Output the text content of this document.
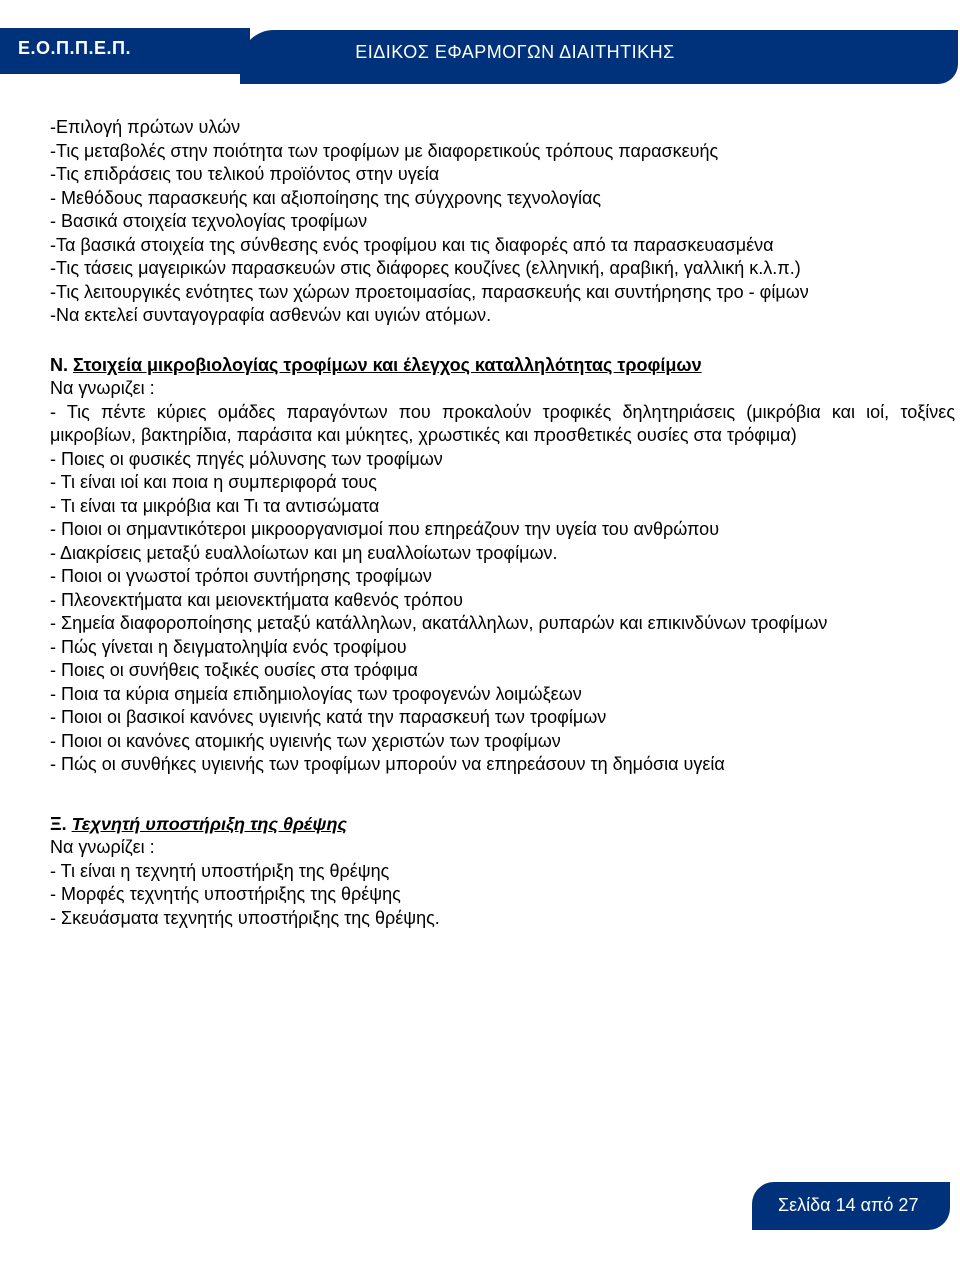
Ε.Ο.Π.Π.Ε.Π.	ΕΙΔΙΚΟΣ ΕΦΑΡΜΟΓΩΝ ΔΙΑΙΤΗΤΙΚΗΣ
-Επιλογή πρώτων υλών
-Τις μεταβολές στην ποιότητα των τροφίμων με διαφορετικούς τρόπους παρασκευής
-Τις επιδράσεις του τελικού προϊόντος στην υγεία
- Μεθόδους παρασκευής και αξιοποίησης της σύγχρονης τεχνολογίας
- Βασικά στοιχεία τεχνολογίας τροφίμων
-Τα βασικά στοιχεία της σύνθεσης ενός τροφίμου και τις διαφορές από τα παρασκευασμένα
-Τις τάσεις μαγειρικών παρασκευών στις διάφορες κουζίνες (ελληνική, αραβική, γαλλική κ.λ.π.)
-Τις λειτουργικές ενότητες των χώρων προετοιμασίας, παρασκευής και συντήρησης τρο - φίμων
-Να εκτελεί συνταγογραφία ασθενών και υγιών ατόμων.
Ν. Στοιχεία μικροβιολογίας τροφίμων και έλεγχος καταλληλότητας τροφίμων
Να γνωριζει :
- Τις πέντε κύριες ομάδες παραγόντων που προκαλούν τροφικές δηλητηριάσεις (μικρόβια και ιοί, τοξίνες μικροβίων, βακτηρίδια, παράσιτα και μύκητες, χρωστικές και προσθετικές ουσίες στα τρόφιμα)
- Ποιες οι φυσικές πηγές μόλυνσης των τροφίμων
- Τι είναι ιοί και ποια η συμπεριφορά τους
- Τι είναι τα μικρόβια και Τι τα αντισώματα
- Ποιοι οι σημαντικότεροι μικροοργανισμοί που επηρεάζουν την υγεία του ανθρώπου
- Διακρίσεις μεταξύ ευαλλοίωτων και μη ευαλλοίωτων τροφίμων.
- Ποιοι οι γνωστοί τρόποι συντήρησης τροφίμων
- Πλεονεκτήματα και μειονεκτήματα καθενός τρόπου
- Σημεία διαφοροποίησης μεταξύ κατάλληλων, ακατάλληλων, ρυπαρών και επικινδύνων τροφίμων
- Πώς γίνεται η δειγματοληψία ενός τροφίμου
- Ποιες οι συνήθεις τοξικές ουσίες στα τρόφιμα
- Ποια τα κύρια σημεία επιδημιολογίας των τροφογενών λοιμώξεων
- Ποιοι οι βασικοί κανόνες υγιεινής κατά την παρασκευή των τροφίμων
- Ποιοι οι κανόνες ατομικής υγιεινής των χεριστών των τροφίμων
- Πώς οι συνθήκες υγιεινής των τροφίμων μπορούν να επηρεάσουν τη δημόσια υγεία
Ξ. Τεχνητή υποστήριξη της θρέψης
Να γνωρίζει :
- Τι είναι η τεχνητή υποστήριξη της θρέψης
- Μορφές τεχνητής υποστήριξης της θρέψης
- Σκευάσματα τεχνητής υποστήριξης της θρέψης.
Σελίδα 14 από 27
